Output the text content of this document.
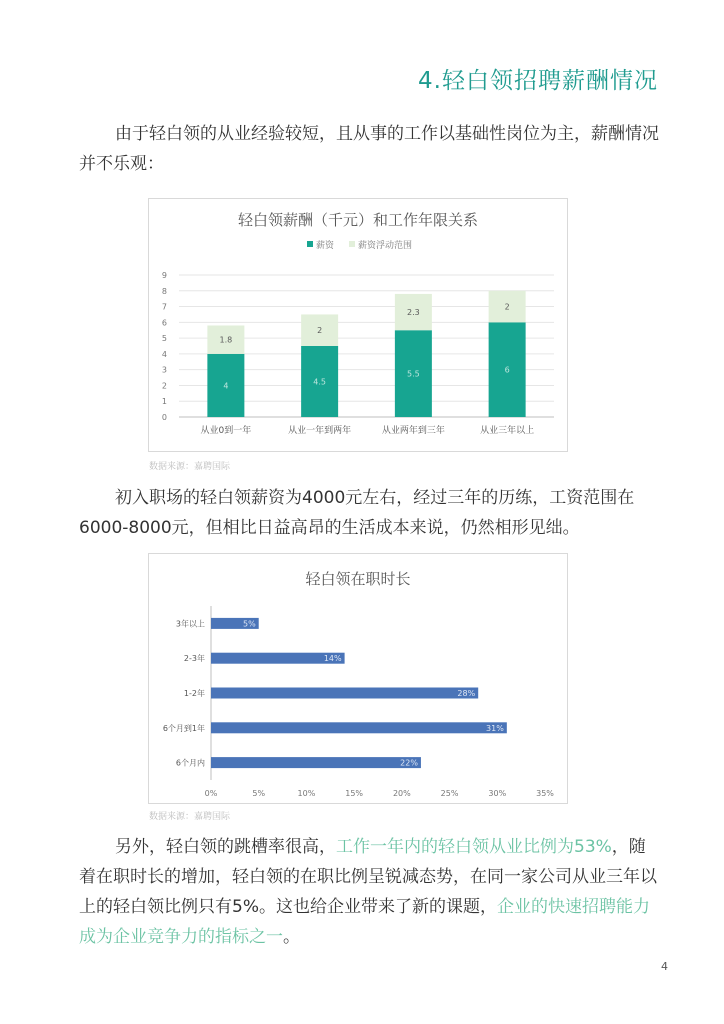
4.轻白领招聘薪酬情况
由于轻白领的从业经验较短，且从事的工作以基础性岗位为主，薪酬情况并不乐观：
轻白领薪酬（千元）和工作年限关系
薪资	薪资浮动范围
0
1
2
3
4
5
6
7
8
9
4
1.8
4.5
2
5.5
2.3
6
2
从业0到一年	从业一年到两年	从业两年到三年	从业三年以上
数据来源：嘉聘国际
初入职场的轻白领薪资为4000元左右，经过三年的历练，工资范围在6000-8000元，但相比日益高昂的生活成本来说，仍然相形见绌。
轻白领在职时长
5%
14%
28%
31%
22%
3年以上
2-3年
1-2年
6个月到1年
6个月内
0%	5%	10%	15%	20%	25%	30%	35%
数据来源：嘉聘国际
另外，轻白领的跳槽率很高，工作一年内的轻白领从业比例为53%，随着在职时长的增加，轻白领的在职比例呈锐减态势，在同一家公司从业三年以上的轻白领比例只有5%。这也给企业带来了新的课题，企业的快速招聘能力成为企业竞争力的指标之一。
4
